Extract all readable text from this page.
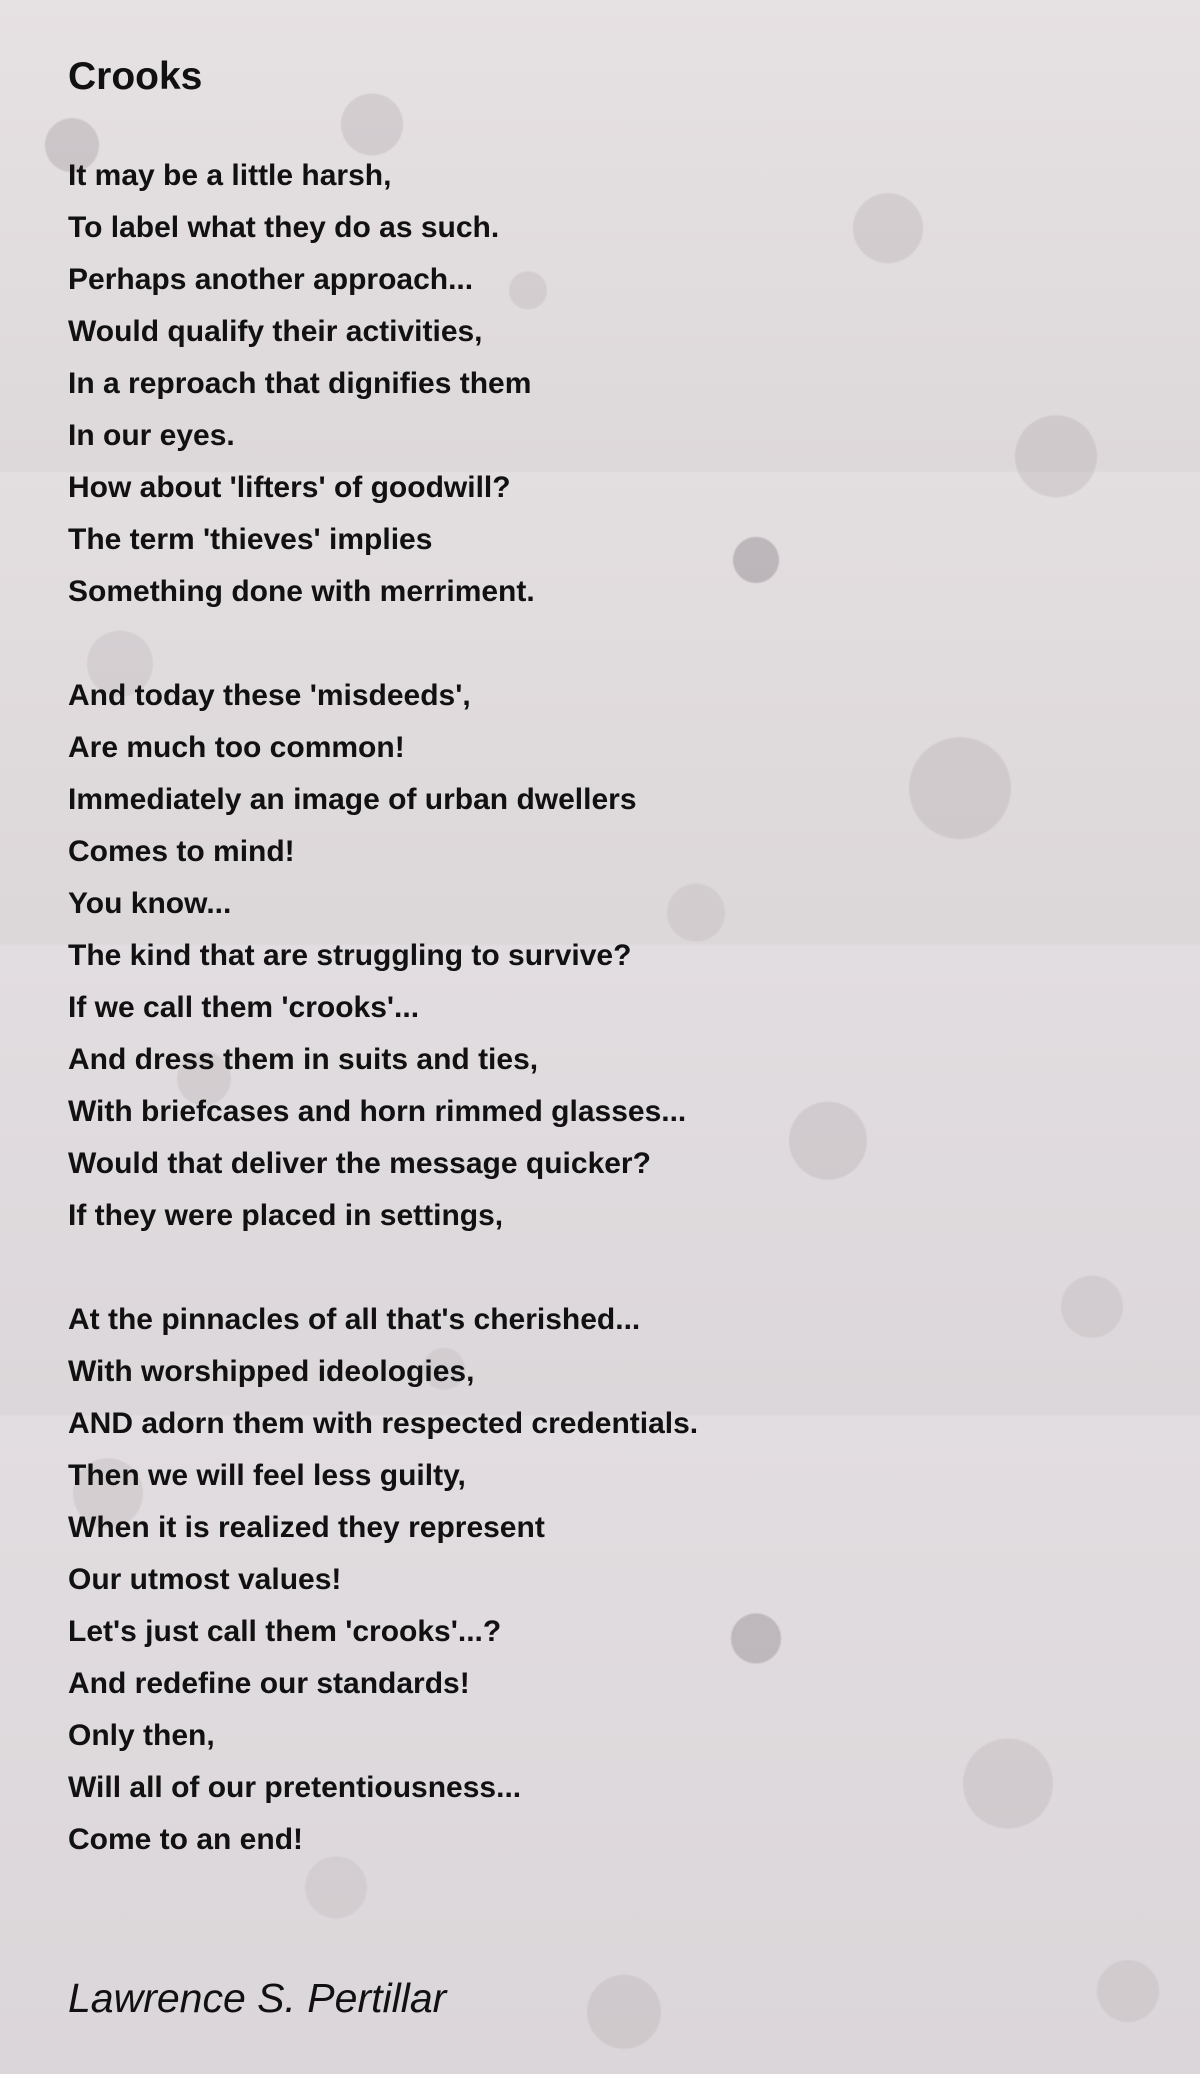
Crooks
It may be a little harsh,
To label what they do as such.
Perhaps another approach...
Would qualify their activities,
In a reproach that dignifies them
In our eyes.
How about 'lifters' of goodwill?
The term 'thieves' implies
Something done with merriment.
And today these 'misdeeds',
Are much too common!
Immediately an image of urban dwellers
Comes to mind!
You know...
The kind that are struggling to survive?
If we call them 'crooks'...
And dress them in suits and ties,
With briefcases and horn rimmed glasses...
Would that deliver the message quicker?
If they were placed in settings,
At the pinnacles of all that's cherished...
With worshipped ideologies,
AND adorn them with respected credentials.
Then we will feel less guilty,
When it is realized they represent
Our utmost values!
Let's just call them 'crooks'...?
And redefine our standards!
Only then,
Will all of our pretentiousness...
Come to an end!

Lawrence S. Pertillar
